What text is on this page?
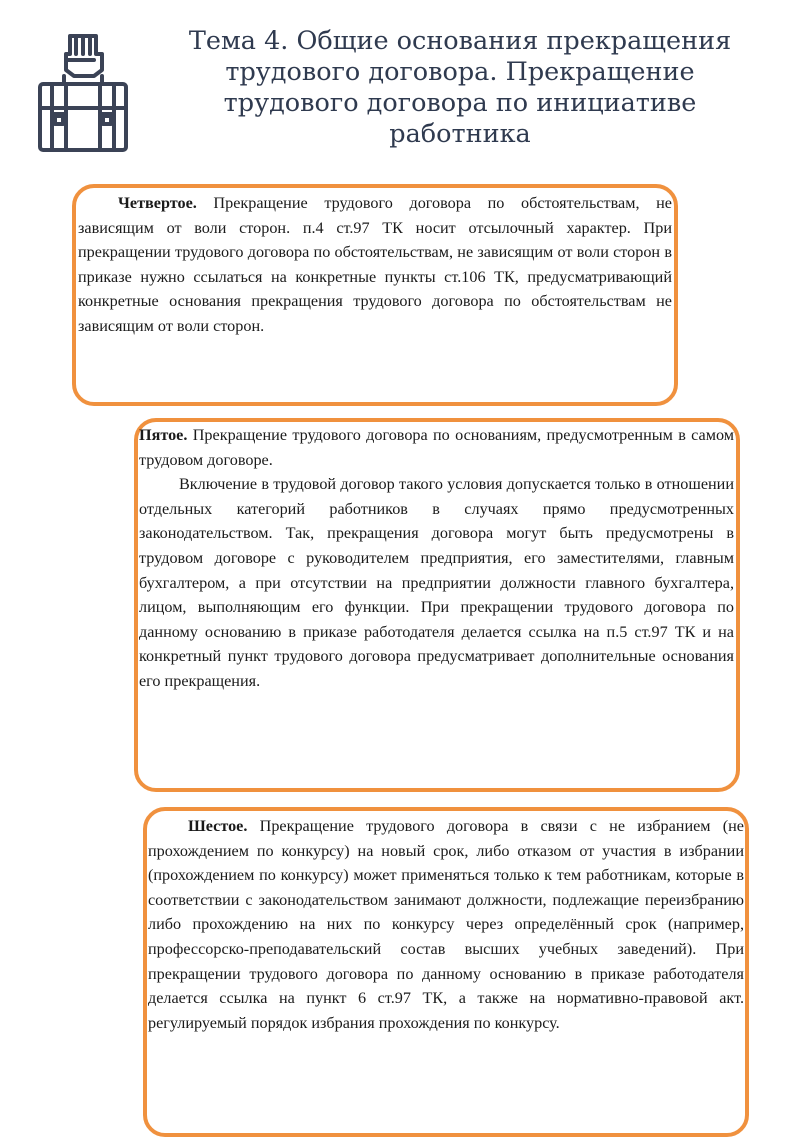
Тема 4. Общие основания прекращения
трудового договора. Прекращение
трудового договора по инициативе
работника

Четвертое. Прекращение трудового договора по обстоятельствам, не зависящим от воли сторон. п.4 ст.97 ТК носит отсылочный характер. При прекращении трудового договора по обстоятельствам, не зависящим от воли сторон в приказе нужно ссылаться на конкретные пункты ст.106 ТК, предусматривающий конкретные основания прекращения трудового договора по обстоятельствам не зависящим от воли сторон.

Пятое. Прекращение трудового договора по основаниям, предусмотренным в самом трудовом договоре.

Включение в трудовой договор такого условия допускается только в отношении отдельных категорий работников в случаях прямо предусмотренных законодательством. Так, прекращения договора могут быть предусмотрены в трудовом договоре с руководителем предприятия, его заместителями, главным бухгалтером, а при отсутствии на предприятии должности главного бухгалтера, лицом, выполняющим его функции. При прекращении трудового договора по данному основанию в приказе работодателя делается ссылка на п.5 ст.97 ТК и на конкретный пункт трудового договора предусматривает дополнительные основания его прекращения.

Шестое. Прекращение трудового договора в связи с не избранием (не прохождением по конкурсу) на новый срок, либо отказом от участия в избрании (прохождением по конкурсу) может применяться только к тем работникам, которые в соответствии с законодательством занимают должности, подлежащие переизбранию либо прохождению на них по конкурсу через определённый срок (например, профессорско-преподавательский состав высших учебных заведений). При прекращении трудового договора по данному основанию в приказе работодателя делается ссылка на пункт 6 ст.97 ТК, а также на нормативно-правовой акт. регулируемый порядок избрания прохождения по конкурсу.
